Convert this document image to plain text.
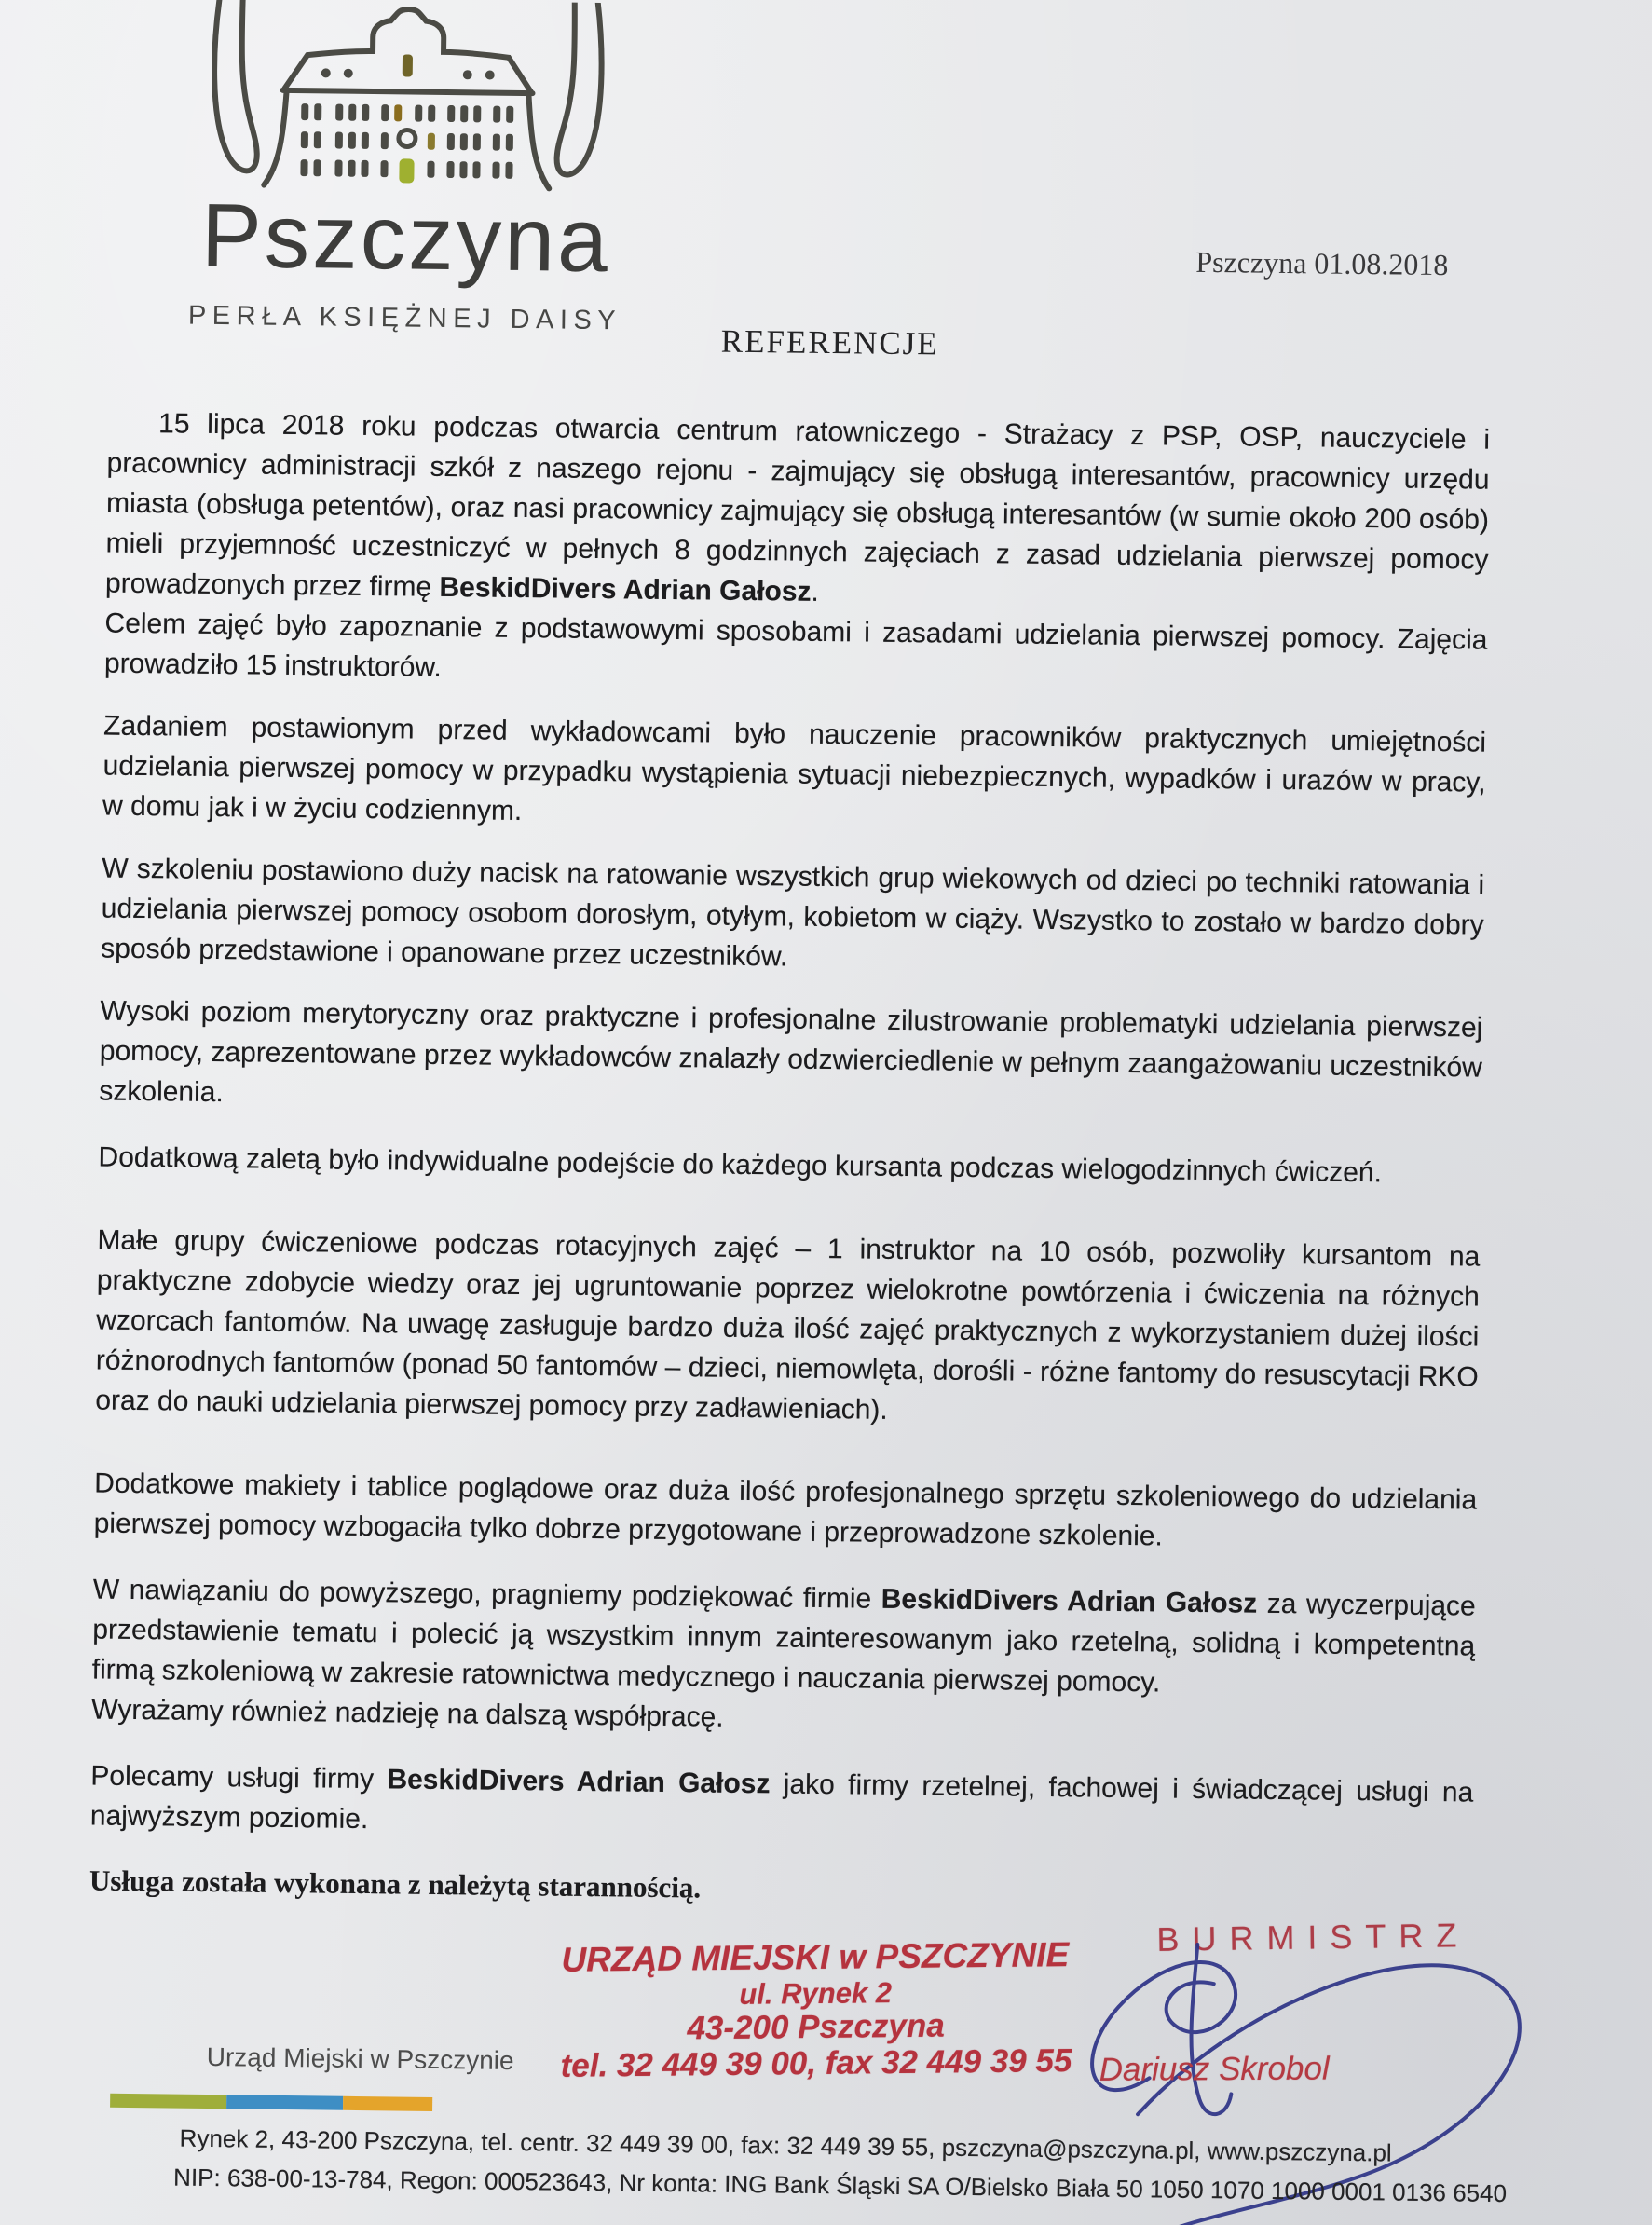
Pszczyna
PERŁA KSIĘŻNEJ DAISY
Pszczyna 01.08.2018
REFERENCJE

15 lipca 2018 roku podczas otwarcia centrum ratowniczego - Strażacy z PSP, OSP, nauczyciele i pracownicy administracji szkół z naszego rejonu - zajmujący się obsługą interesantów, pracownicy urzędu miasta (obsługa petentów), oraz nasi pracownicy zajmujący się obsługą interesantów (w sumie około 200 osób) mieli przyjemność uczestniczyć w pełnych 8 godzinnych zajęciach z zasad udzielania pierwszej pomocy prowadzonych przez firmę BeskidDivers Adrian Gałosz.

Celem zajęć było zapoznanie z podstawowymi sposobami i zasadami udzielania pierwszej pomocy. Zajęcia prowadziło 15 instruktorów.

Zadaniem postawionym przed wykładowcami było nauczenie pracowników praktycznych umiejętności udzielania pierwszej pomocy w przypadku wystąpienia sytuacji niebezpiecznych, wypadków i urazów w pracy, w domu jak i w życiu codziennym.

W szkoleniu postawiono duży nacisk na ratowanie wszystkich grup wiekowych od dzieci po techniki ratowania i udzielania pierwszej pomocy osobom dorosłym, otyłym, kobietom w ciąży. Wszystko to zostało w bardzo dobry sposób przedstawione i opanowane przez uczestników.

Wysoki poziom merytoryczny oraz praktyczne i profesjonalne zilustrowanie problematyki udzielania pierwszej pomocy, zaprezentowane przez wykładowców znalazły odzwierciedlenie w pełnym zaangażowaniu uczestników szkolenia.

Dodatkową zaletą było indywidualne podejście do każdego kursanta podczas wielogodzinnych ćwiczeń.

Małe grupy ćwiczeniowe podczas rotacyjnych zajęć – 1 instruktor na 10 osób, pozwoliły kursantom na praktyczne zdobycie wiedzy oraz jej ugruntowanie poprzez wielokrotne powtórzenia i ćwiczenia na różnych wzorcach fantomów. Na uwagę zasługuje bardzo duża ilość zajęć praktycznych z wykorzystaniem dużej ilości różnorodnych fantomów (ponad 50 fantomów – dzieci, niemowlęta, dorośli - różne fantomy do resuscytacji RKO oraz do nauki udzielania pierwszej pomocy przy zadławieniach).

Dodatkowe makiety i tablice poglądowe oraz duża ilość profesjonalnego sprzętu szkoleniowego do udzielania pierwszej pomocy wzbogaciła tylko dobrze przygotowane i przeprowadzone szkolenie.

W nawiązaniu do powyższego, pragniemy podziękować firmie BeskidDivers Adrian Gałosz za wyczerpujące przedstawienie tematu i polecić ją wszystkim innym zainteresowanym jako rzetelną, solidną i kompetentną firmą szkoleniową w zakresie ratownictwa medycznego i nauczania pierwszej pomocy.

Wyrażamy również nadzieję na dalszą współpracę.

Polecamy usługi firmy BeskidDivers Adrian Gałosz jako firmy rzetelnej, fachowej i świadczącej usługi na najwyższym poziomie.

Usługa została wykonana z należytą starannością.

URZĄD MIEJSKI w PSZCZYNIE
ul. Rynek 2
43-200 Pszczyna
tel. 32 449 39 00, fax 32 449 39 55
BURMISTRZ
Dariusz Skrobol
Urząd Miejski w Pszczynie
Rynek 2, 43-200 Pszczyna, tel. centr. 32 449 39 00, fax: 32 449 39 55, pszczyna@pszczyna.pl, www.pszczyna.pl
NIP: 638-00-13-784, Regon: 000523643, Nr konta: ING Bank Śląski SA O/Bielsko Biała 50 1050 1070 1000 0001 0136 6540
